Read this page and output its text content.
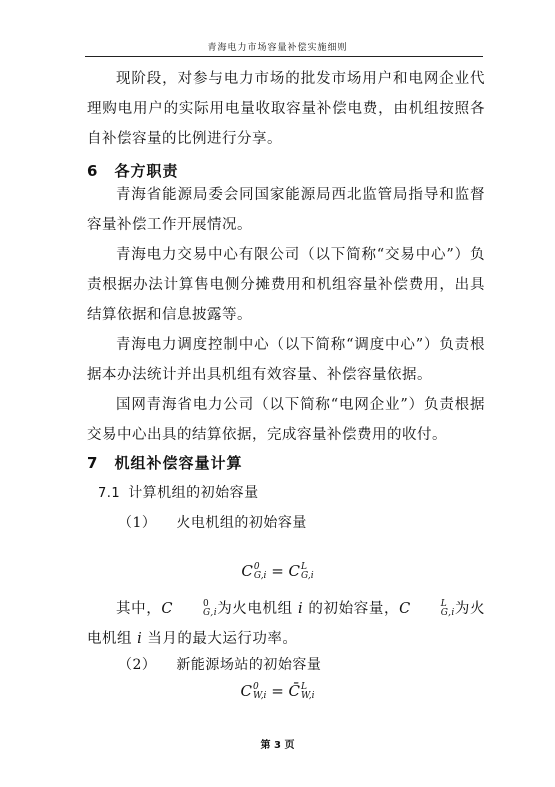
青海电力市场容量补偿实施细则
现阶段，对参与电力市场的批发市场用户和电网企业代理购电用户的实际用电量收取容量补偿电费，由机组按照各自补偿容量的比例进行分享。
6 各方职责
青海省能源局委会同国家能源局西北监管局指导和监督容量补偿工作开展情况。
青海电力交易中心有限公司（以下简称“交易中心”）负责根据办法计算售电侧分摊费用和机组容量补偿费用，出具结算依据和信息披露等。
青海电力调度控制中心（以下简称“调度中心”）负责根据本办法统计并出具机组有效容量、补偿容量依据。
国网青海省电力公司（以下简称“电网企业”）负责根据交易中心出具的结算依据，完成容量补偿费用的收付。
7 机组补偿容量计算
7.1 计算机组的初始容量
（1） 火电机组的初始容量
C 0
G,i = C L
G,i
其中，C	0
G,i 为火电机组 i 的初始容量，C	L
G,i 为火电机组 i 当月的最大运行功率。
（2） 新能源场站的初始容量
C 0
W,i = C̄ L
W,i
第 3 页
